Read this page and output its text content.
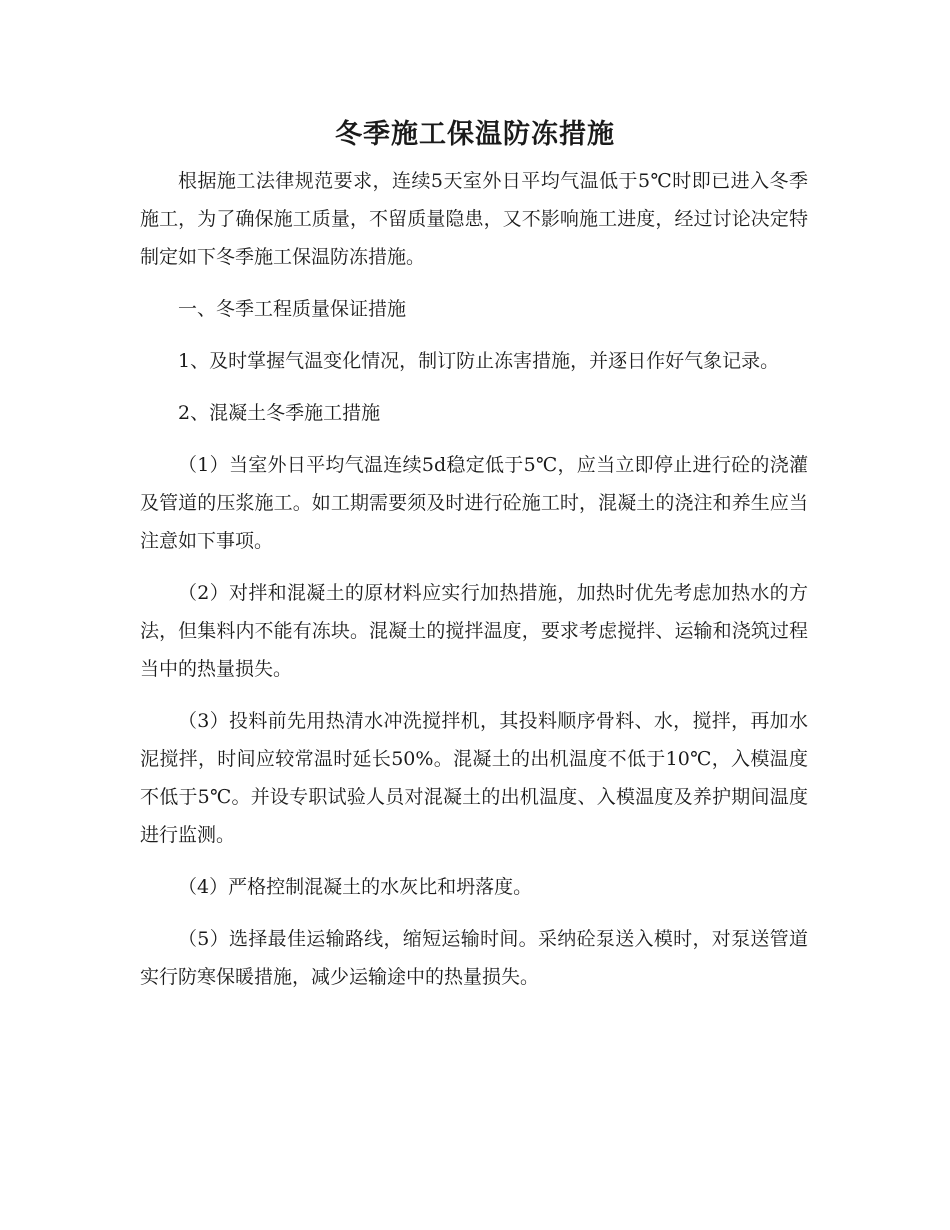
冬季施工保温防冻措施

根据施工法律规范要求，连续5天室外日平均气温低于5℃时即已进入冬季施工，为了确保施工质量，不留质量隐患，又不影响施工进度，经过讨论决定特制定如下冬季施工保温防冻措施。

一、冬季工程质量保证措施

1、及时掌握气温变化情况，制订防止冻害措施，并逐日作好气象记录。

2、混凝土冬季施工措施

（1）当室外日平均气温连续5d稳定低于5℃，应当立即停止进行砼的浇灌及管道的压浆施工。如工期需要须及时进行砼施工时，混凝土的浇注和养生应当注意如下事项。

（2）对拌和混凝土的原材料应实行加热措施，加热时优先考虑加热水的方法，但集料内不能有冻块。混凝土的搅拌温度，要求考虑搅拌、运输和浇筑过程当中的热量损失。

（3）投料前先用热清水冲洗搅拌机，其投料顺序骨料、水，搅拌，再加水泥搅拌，时间应较常温时延长50%。混凝土的出机温度不低于10℃，入模温度不低于5℃。并设专职试验人员对混凝土的出机温度、入模温度及养护期间温度进行监测。

（4）严格控制混凝土的水灰比和坍落度。

（5）选择最佳运输路线，缩短运输时间。采纳砼泵送入模时，对泵送管道实行防寒保暖措施，减少运输途中的热量损失。
